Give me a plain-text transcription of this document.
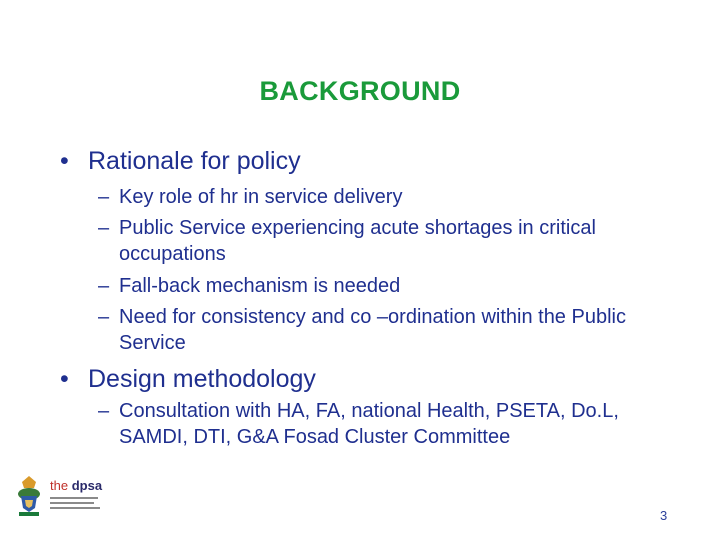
BACKGROUND
• Rationale for policy
– Key role of hr in service delivery
– Public Service experiencing acute shortages in critical occupations
– Fall-back mechanism is needed
– Need for consistency and co –ordination within the Public Service
• Design methodology
– Consultation with HA, FA, national Health, PSETA, Do.L, SAMDI, DTI, G&A Fosad Cluster Committee
the dpsa
3
